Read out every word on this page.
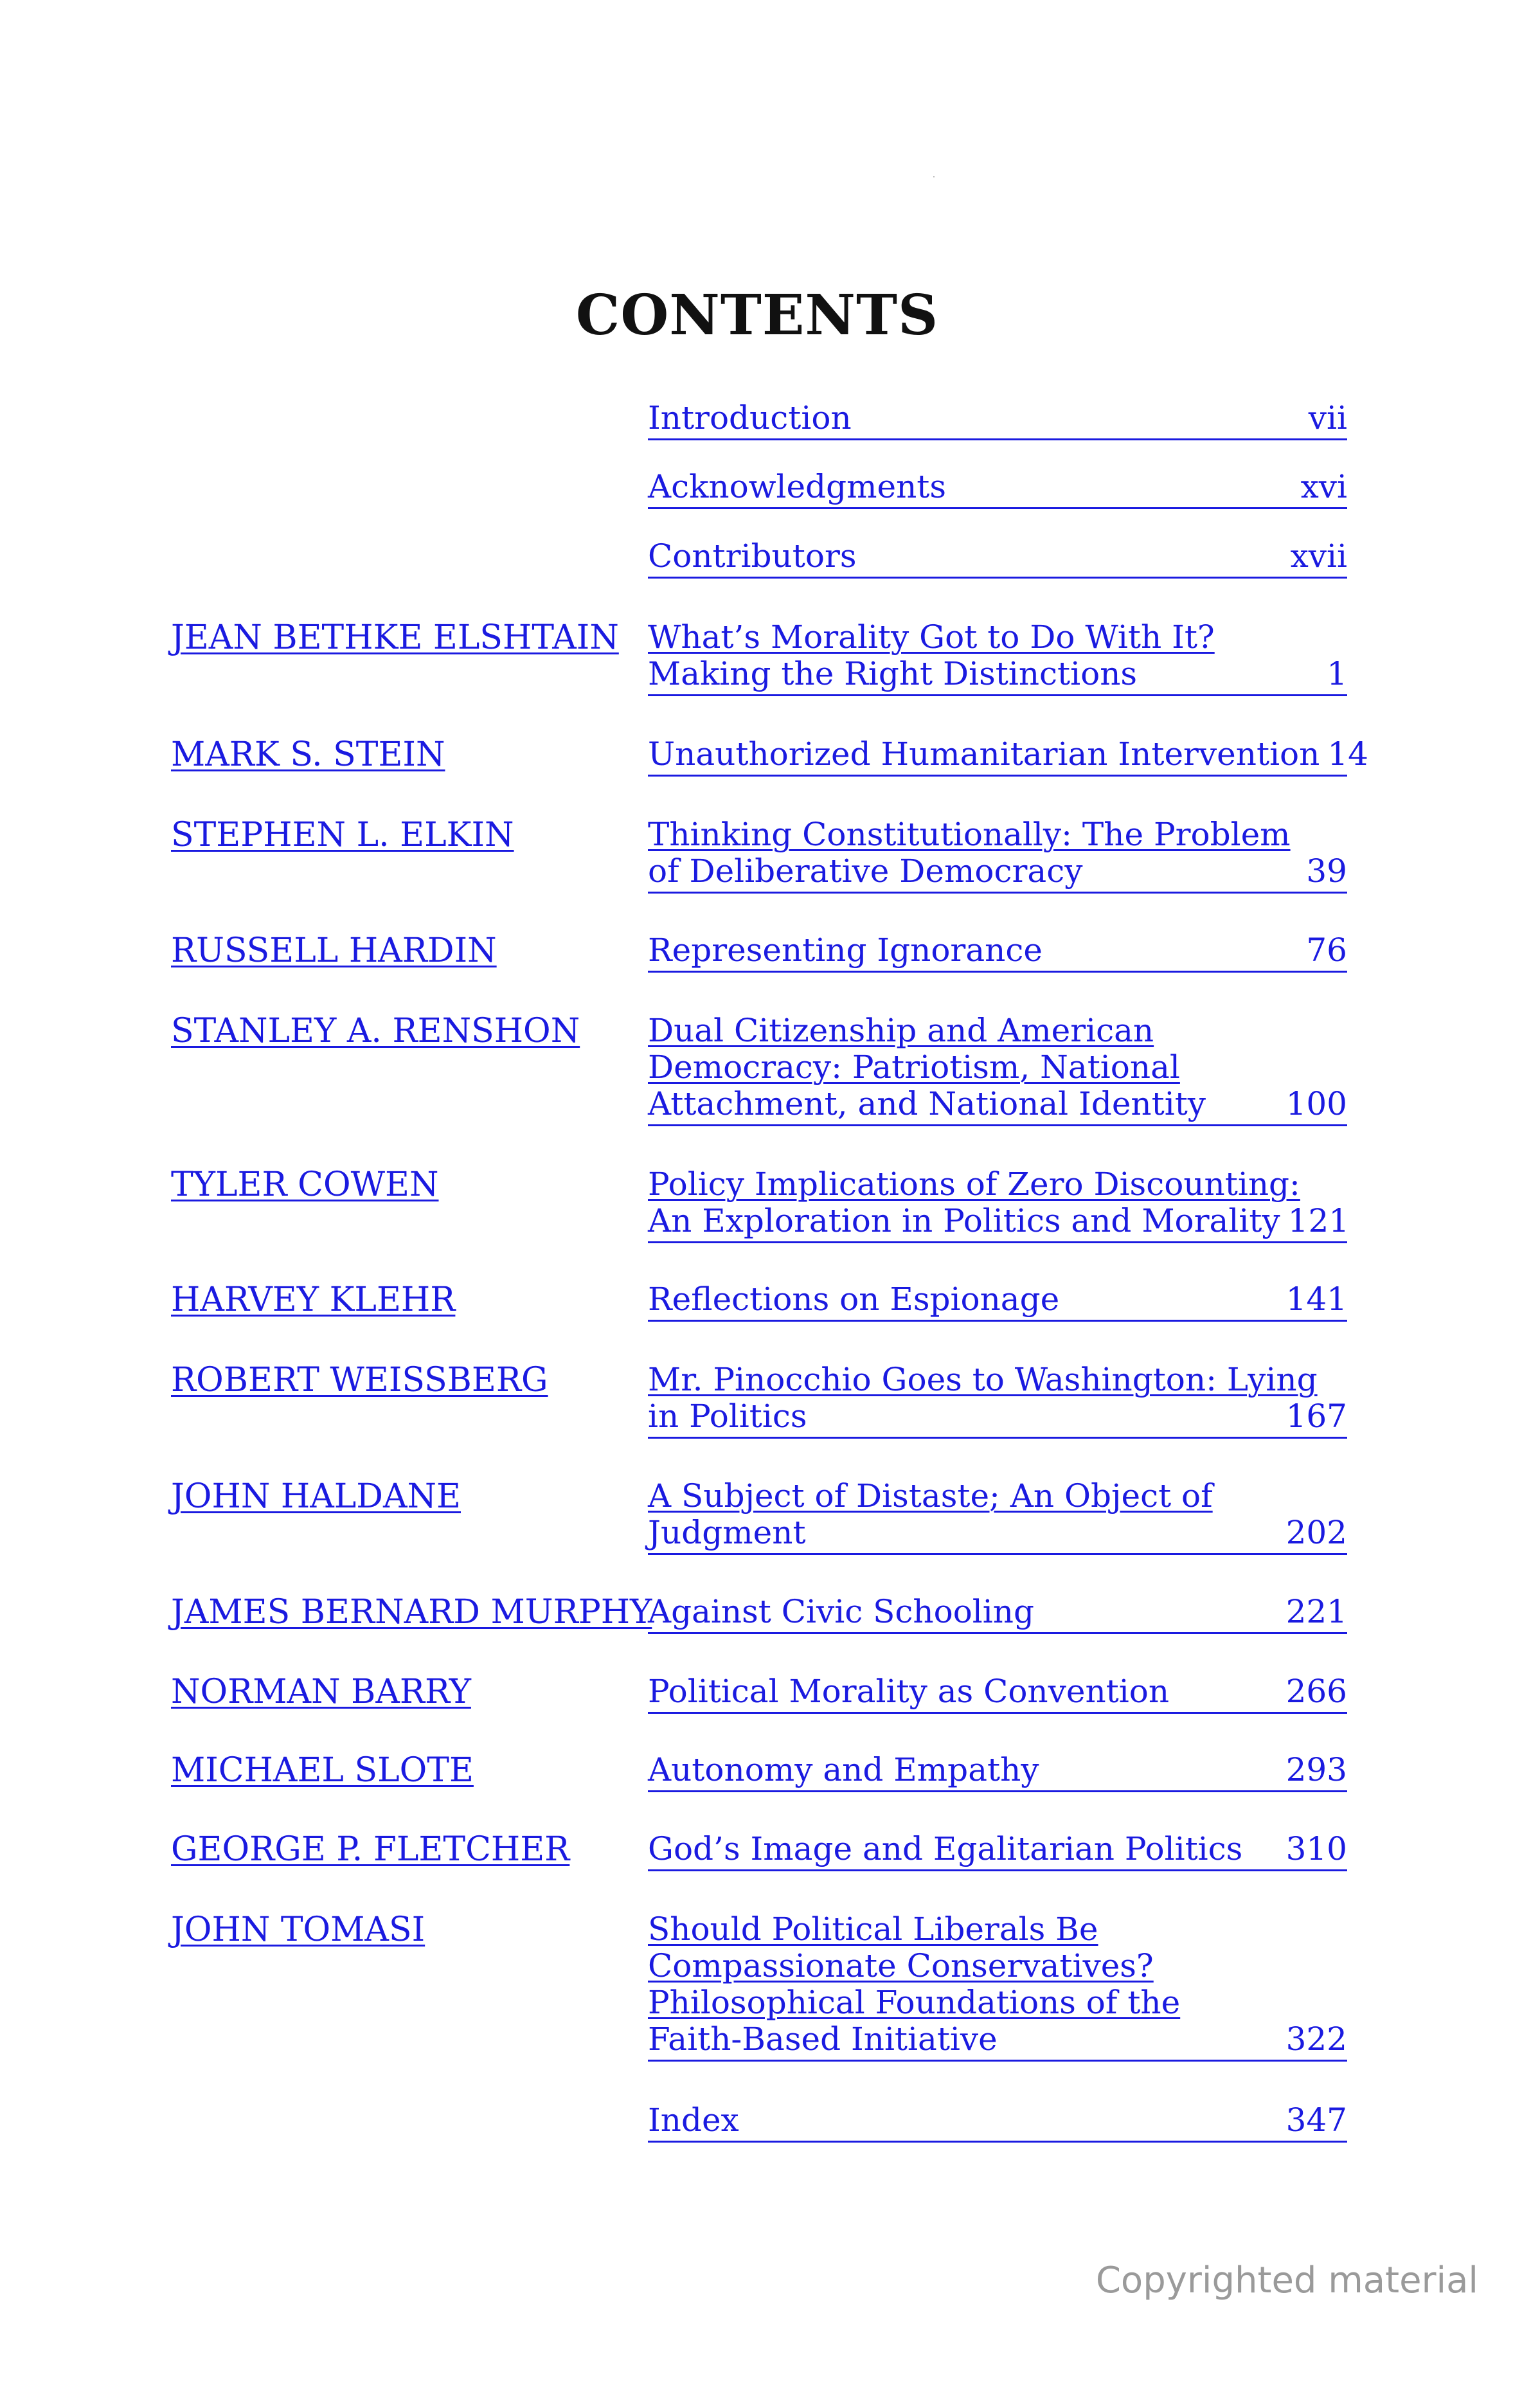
CONTENTS
Introduction	vii
Acknowledgments	xvi
Contributors	xvii
JEAN BETHKE ELSHTAIN What’s Morality Got to Do With It?
Making the Right Distinctions	1
MARK S. STEIN	Unauthorized Humanitarian Intervention 14
STEPHEN L. ELKIN	Thinking Constitutionally: The Problem
of Deliberative Democracy	39
RUSSELL HARDIN	Representing Ignorance	76
STANLEY A. RENSHON Dual Citizenship and American
Democracy: Patriotism, National
Attachment, and National Identity	100
TYLER COWEN	Policy Implications of Zero Discounting:
An Exploration in Politics and Morality 121
HARVEY KLEHR	Reflections on Espionage	141
ROBERT WEISSBERG	Mr. Pinocchio Goes to Washington: Lying
in Politics	167
JOHN HALDANE	A Subject of Distaste; An Object of
Judgment	202
JAMES BERNARD MURPHY
Against Civic Schooling	221
NORMAN BARRY	Political Morality as Convention	266
MICHAEL SLOTE	Autonomy and Empathy	293
GEORGE P. FLETCHER God’s Image and Egalitarian Politics	310
JOHN TOMASI	Should Political Liberals Be
Compassionate Conservatives?
Philosophical Foundations of the
Faith-Based Initiative	322
Index	347
Copyrighted material
